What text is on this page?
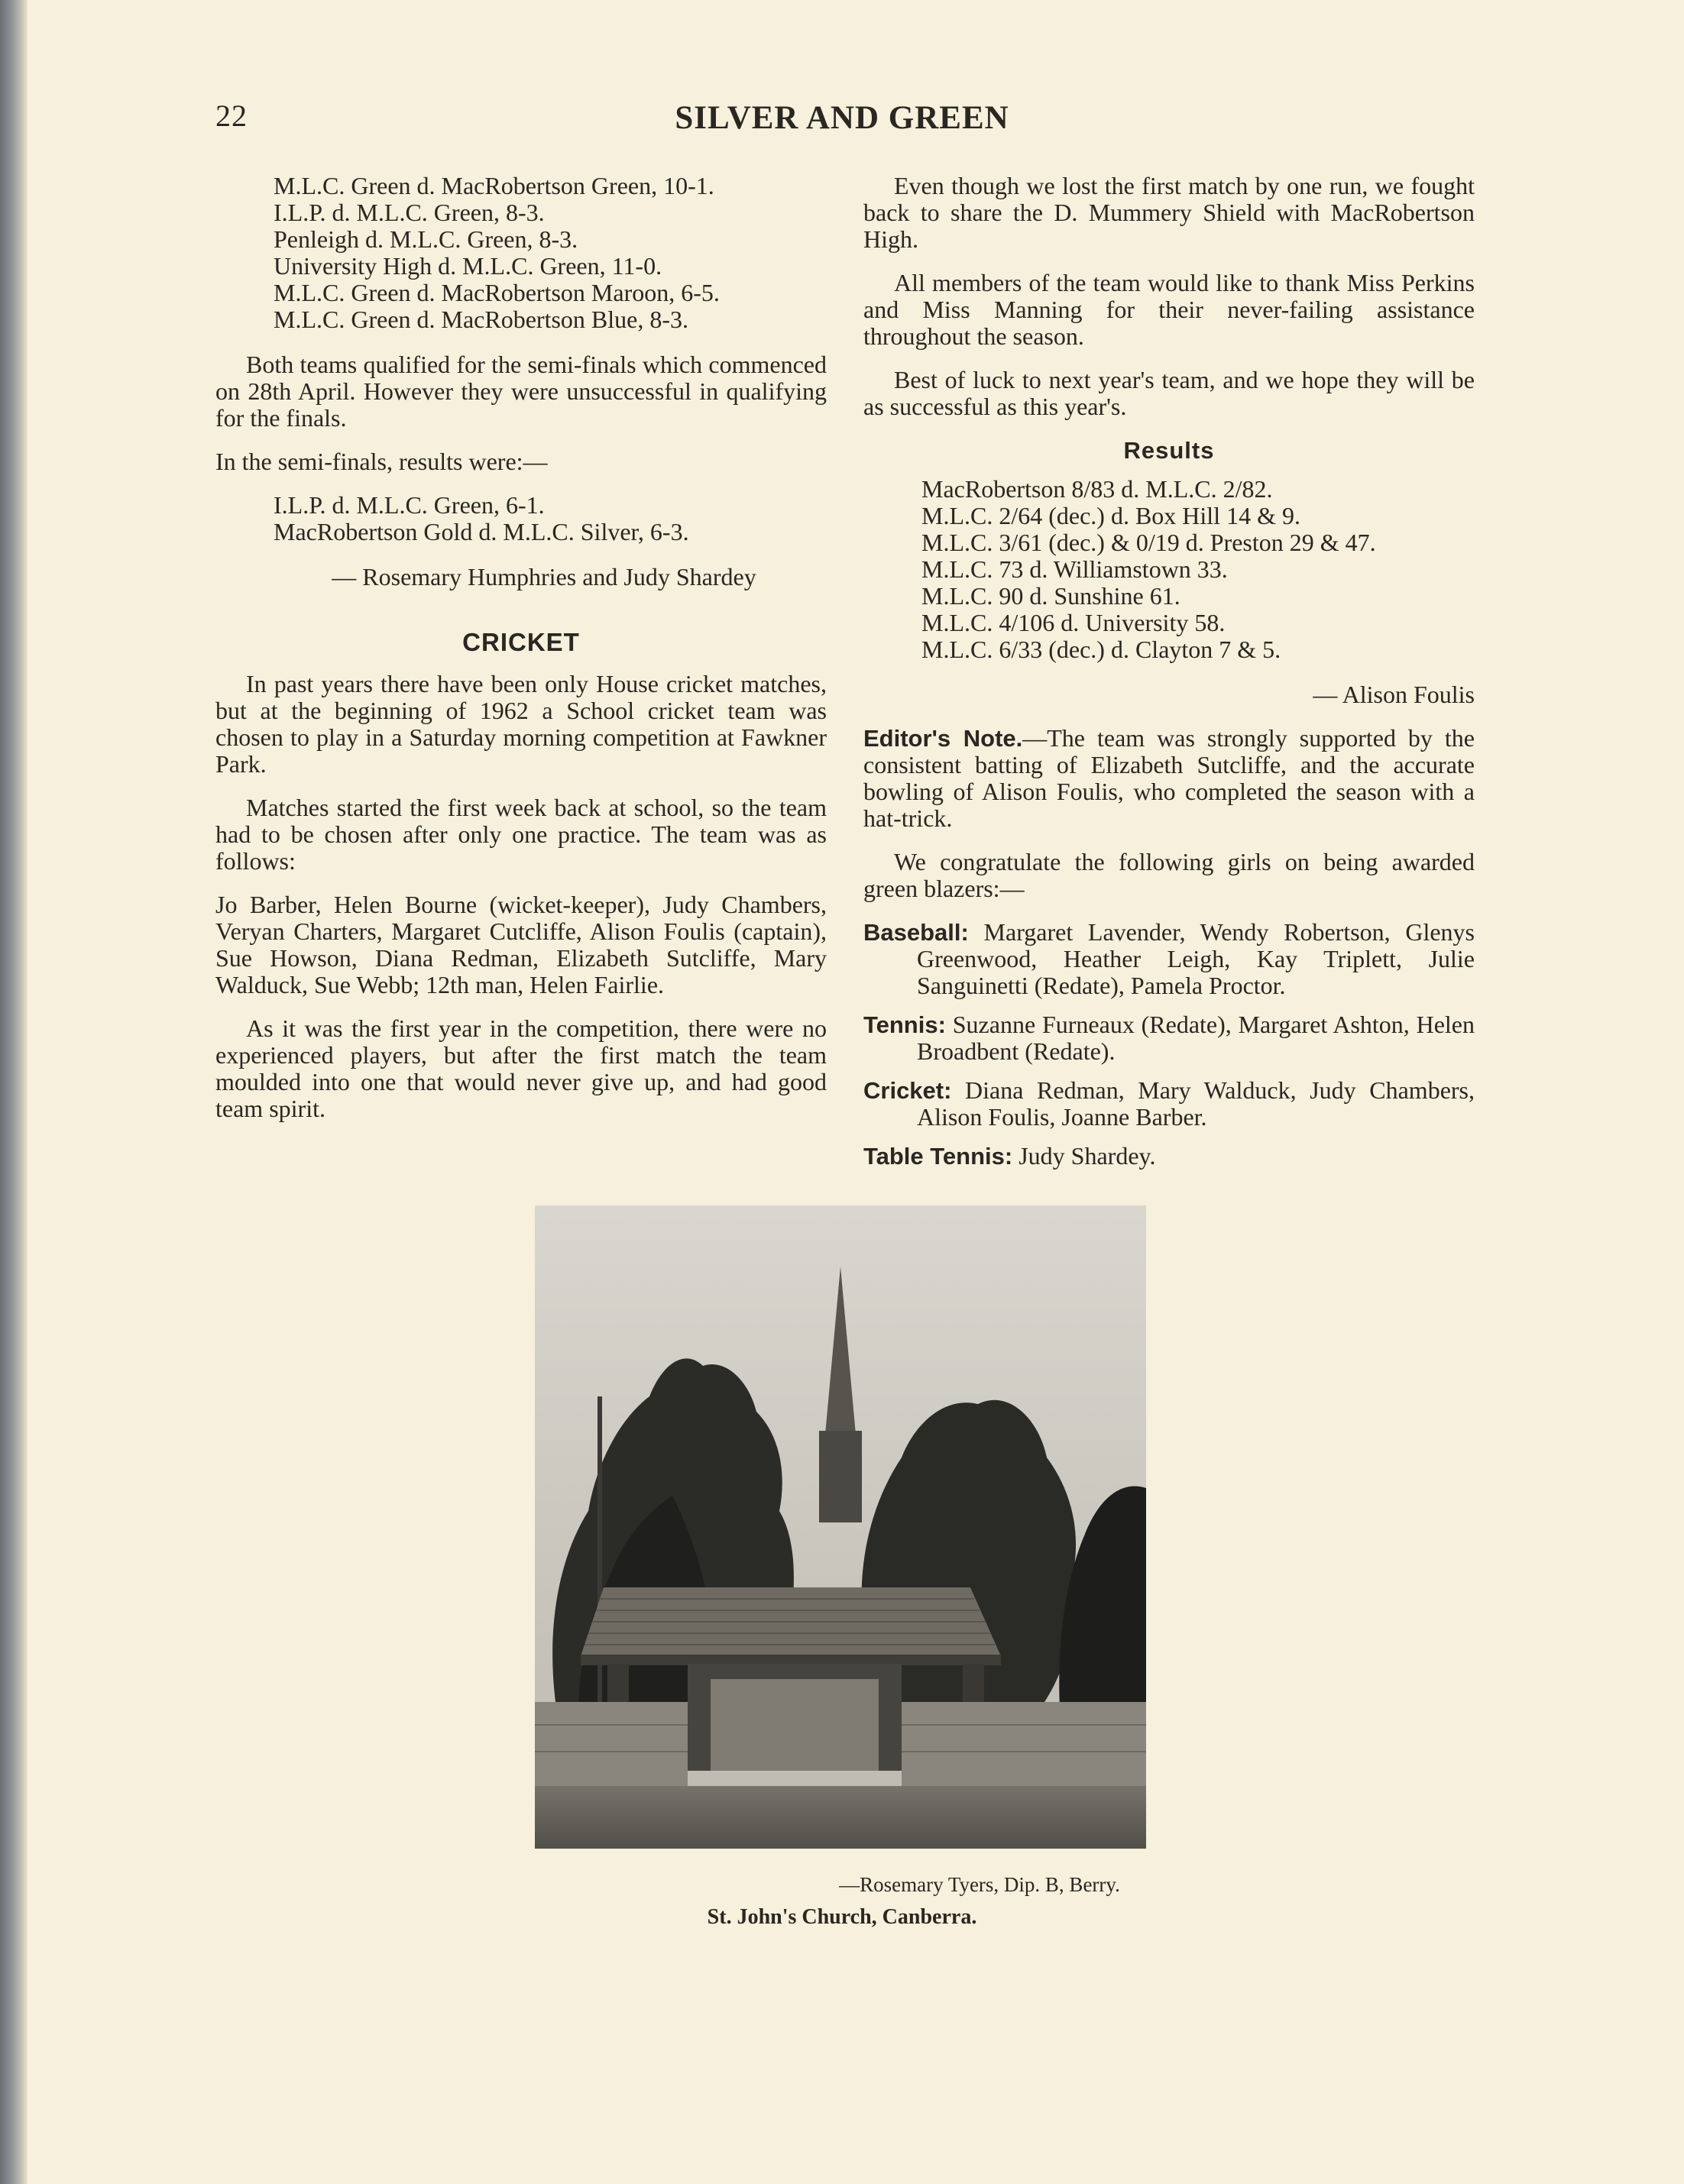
22	SILVER AND GREEN
M.L.C. Green d. MacRobertson Green, 10-1.
I.L.P. d. M.L.C. Green, 8-3.
Penleigh d. M.L.C. Green, 8-3.
University High d. M.L.C. Green, 11-0.
M.L.C. Green d. MacRobertson Maroon, 6-5.
M.L.C. Green d. MacRobertson Blue, 8-3.

Both teams qualified for the semi-finals which commenced on 28th April. However they were unsuccessful in qualifying for the finals.

In the semi-finals, results were:—

I.L.P. d. M.L.C. Green, 6-1.
MacRobertson Gold d. M.L.C. Silver, 6-3.
— Rosemary Humphries and Judy Shardey
CRICKET

In past years there have been only House cricket matches, but at the beginning of 1962 a School cricket team was chosen to play in a Saturday morning competition at Fawkner Park.

Matches started the first week back at school, so the team had to be chosen after only one practice. The team was as follows:

Jo Barber, Helen Bourne (wicket-keeper), Judy Chambers, Veryan Charters, Margaret Cutcliffe, Alison Foulis (captain), Sue Howson, Diana Redman, Elizabeth Sutcliffe, Mary Walduck, Sue Webb; 12th man, Helen Fairlie.

As it was the first year in the competition, there were no experienced players, but after the first match the team moulded into one that would never give up, and had good team spirit.

Even though we lost the first match by one run, we fought back to share the D. Mummery Shield with MacRobertson High.

All members of the team would like to thank Miss Perkins and Miss Manning for their never-failing assistance throughout the season.

Best of luck to next year's team, and we hope they will be as successful as this year's.

Results
MacRobertson 8/83 d. M.L.C. 2/82.
M.L.C. 2/64 (dec.) d. Box Hill 14 & 9.
M.L.C. 3/61 (dec.) & 0/19 d. Preston 29 & 47.
M.L.C. 73 d. Williamstown 33.
M.L.C. 90 d. Sunshine 61.
M.L.C. 4/106 d. University 58.
M.L.C. 6/33 (dec.) d. Clayton 7 & 5.
— Alison Foulis

Editor's Note.—The team was strongly supported by the consistent batting of Elizabeth Sutcliffe, and the accurate bowling of Alison Foulis, who completed the season with a hat-trick.

We congratulate the following girls on being awarded green blazers:—

Baseball: Margaret Lavender, Wendy Robertson, Glenys Greenwood, Heather Leigh, Kay Triplett, Julie Sanguinetti (Redate), Pamela Proctor.
Tennis: Suzanne Furneaux (Redate), Margaret Ashton, Helen Broadbent (Redate).
Cricket: Diana Redman, Mary Walduck, Judy Chambers, Alison Foulis, Joanne Barber.
Table Tennis: Judy Shardey.
—Rosemary Tyers, Dip. B, Berry.
St. John's Church, Canberra.
